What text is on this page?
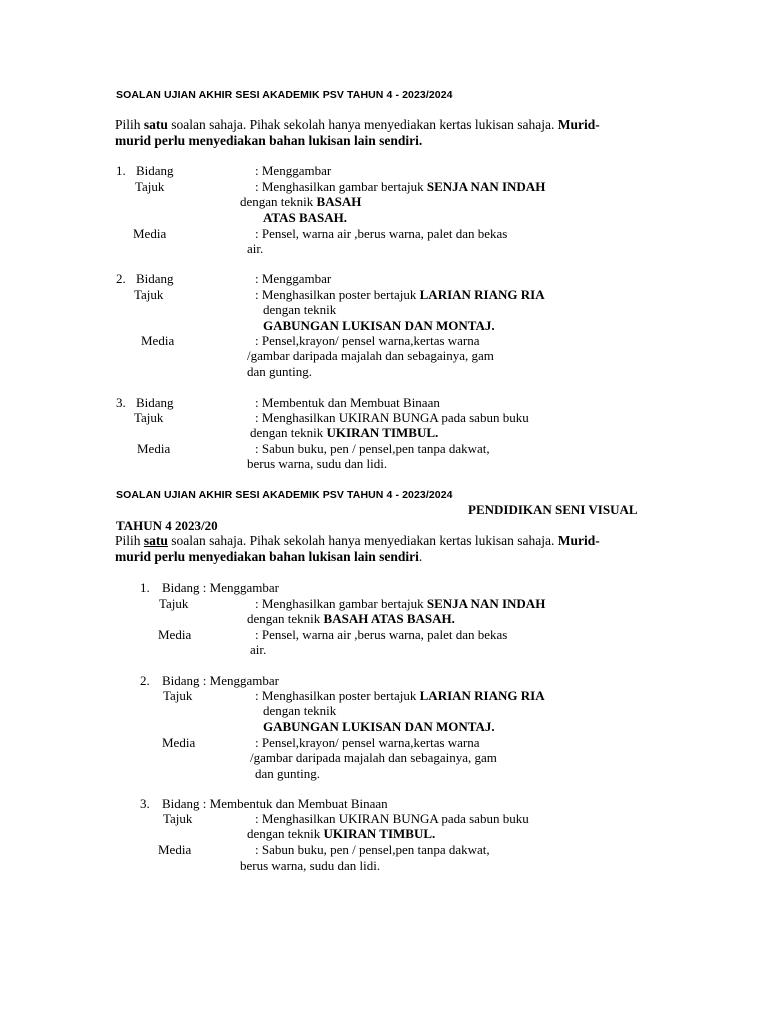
SOALAN UJIAN AKHIR SESI AKADEMIK PSV TAHUN 4 - 2023/2024
Pilih satu soalan sahaja. Pihak sekolah hanya menyediakan kertas lukisan sahaja. Murid-
murid perlu menyediakan bahan lukisan lain sendiri.
1. Bidang	: Menggambar
Tajuk	: Menghasilkan gambar bertajuk SENJA NAN INDAH
dengan teknik BASAH
ATAS BASAH.
Media	: Pensel, warna air ,berus warna, palet dan bekas
air.
2. Bidang	: Menggambar
Tajuk	: Menghasilkan poster bertajuk LARIAN RIANG RIA
dengan teknik
GABUNGAN LUKISAN DAN MONTAJ.
Media	: Pensel,krayon/ pensel warna,kertas warna
/gambar daripada majalah dan sebagainya, gam
dan gunting.
3. Bidang	: Membentuk dan Membuat Binaan
Tajuk	: Menghasilkan UKIRAN BUNGA pada sabun buku
dengan teknik UKIRAN TIMBUL.
Media	: Sabun buku, pen / pensel,pen tanpa dakwat,
berus warna, sudu dan lidi.
SOALAN UJIAN AKHIR SESI AKADEMIK PSV TAHUN 4 - 2023/2024
PENDIDIKAN SENI VISUAL
TAHUN 4 2023/20
Pilih satu soalan sahaja. Pihak sekolah hanya menyediakan kertas lukisan sahaja. Murid-
murid perlu menyediakan bahan lukisan lain sendiri.
1. Bidang : Menggambar
Tajuk	: Menghasilkan gambar bertajuk SENJA NAN INDAH
dengan teknik BASAH ATAS BASAH.
Media	: Pensel, warna air ,berus warna, palet dan bekas
air.
2. Bidang : Menggambar
Tajuk	: Menghasilkan poster bertajuk LARIAN RIANG RIA
dengan teknik
GABUNGAN LUKISAN DAN MONTAJ.
Media	: Pensel,krayon/ pensel warna,kertas warna
/gambar daripada majalah dan sebagainya, gam
dan gunting.
3. Bidang : Membentuk dan Membuat Binaan
Tajuk	: Menghasilkan UKIRAN BUNGA pada sabun buku
dengan teknik UKIRAN TIMBUL.
Media	: Sabun buku, pen / pensel,pen tanpa dakwat,
berus warna, sudu dan lidi.
